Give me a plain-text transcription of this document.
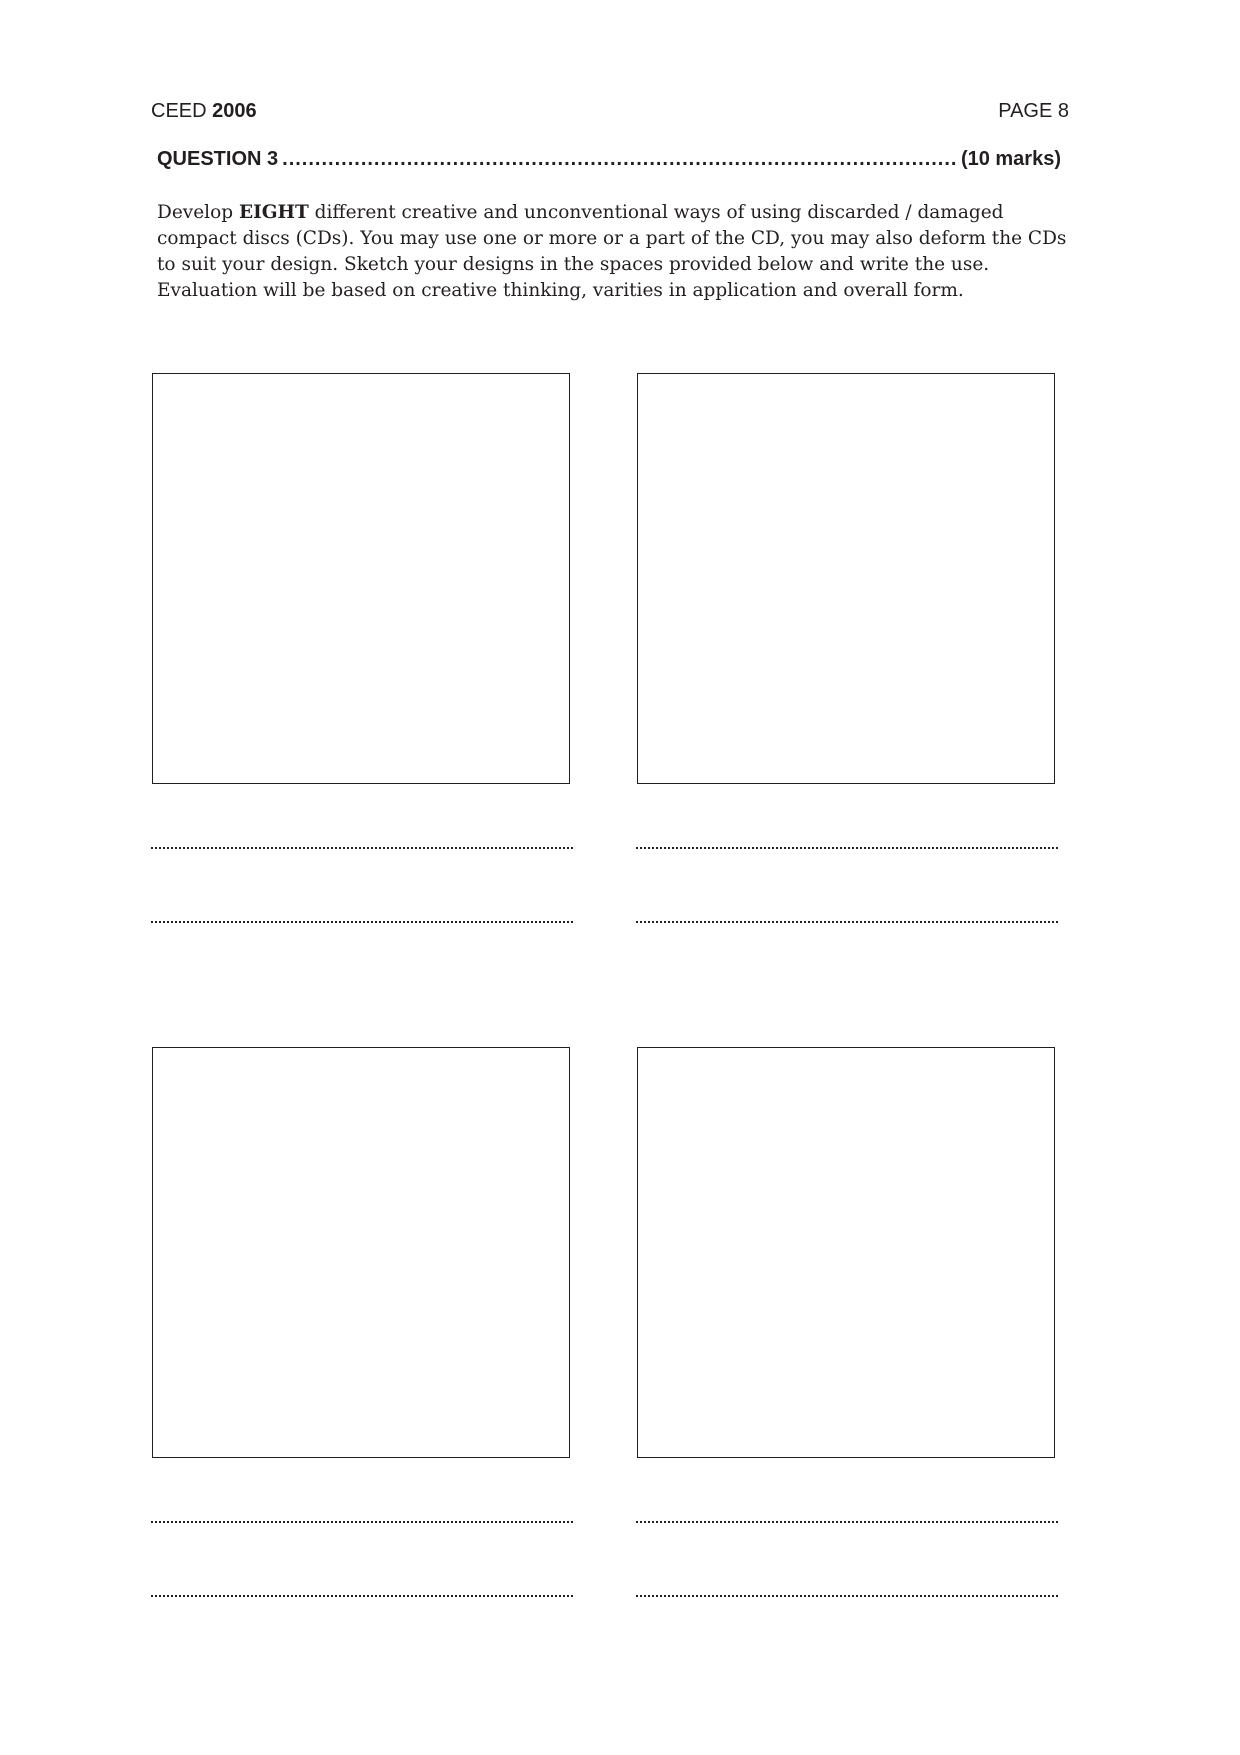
CEED 2006	PAGE 8
QUESTION 3
.....	(10 marks)

Develop EIGHT different creative and unconventional ways of using discarded / damaged compact discs (CDs). You may use one or more or a part of the CD, you may also deform the CDs to suit your design. Sketch your designs in the spaces provided below and write the use.

Evaluation will be based on creative thinking, varities in application and overall form.
